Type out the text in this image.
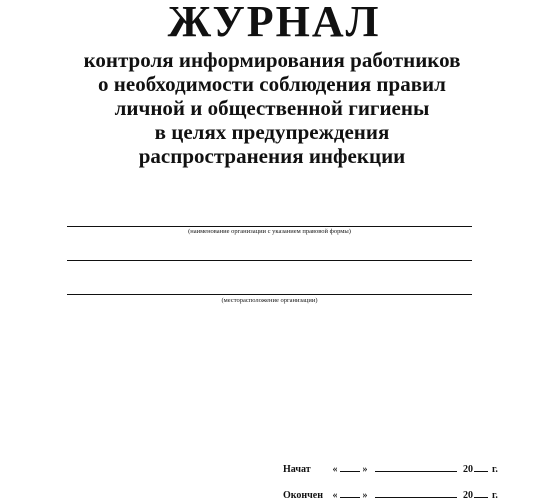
ЖУРНАЛ
контроля информирования работников
о необходимости соблюдения правил
личной и общественной гигиены
в целях предупреждения
распространения инфекции
(наименование организации с указанием правовой формы)
(месторасположение организации)
Начат «	»	20 г.
Окончен «	»	20 г.
